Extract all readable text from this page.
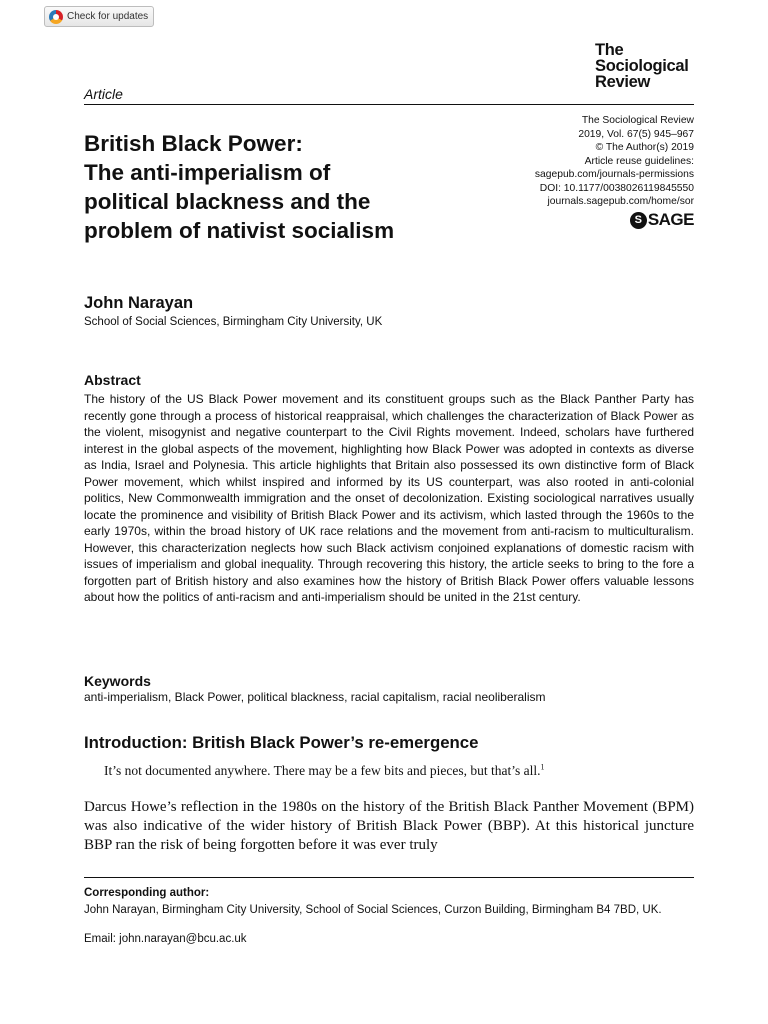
Check for updates
The
Sociological
Review
Article
The Sociological Review
2019, Vol. 67(5) 945–967
© The Author(s) 2019
Article reuse guidelines:
sagepub.com/journals-permissions
DOI: 10.1177/0038026119845550
journals.sagepub.com/home/sor
S SAGE
British Black Power:
The anti-imperialism of
political blackness and the
problem of nativist socialism
John Narayan
School of Social Sciences, Birmingham City University, UK
Abstract

The history of the US Black Power movement and its constituent groups such as the Black Panther Party has recently gone through a process of historical reappraisal, which challenges the characterization of Black Power as the violent, misogynist and negative counterpart to the Civil Rights movement. Indeed, scholars have furthered interest in the global aspects of the movement, highlighting how Black Power was adopted in contexts as diverse as India, Israel and Polynesia. This article highlights that Britain also possessed its own distinctive form of Black Power movement, which whilst inspired and informed by its US counterpart, was also rooted in anti-colonial politics, New Commonwealth immigration and the onset of decolonization. Existing sociological narratives usually locate the prominence and visibility of British Black Power and its activism, which lasted through the 1960s to the early 1970s, within the broad history of UK race relations and the movement from anti-racism to multiculturalism. However, this characterization neglects how such Black activism conjoined explanations of domestic racism with issues of imperialism and global inequality. Through recovering this history, the article seeks to bring to the fore a forgotten part of British history and also examines how the history of British Black Power offers valuable lessons about how the politics of anti-racism and anti-imperialism should be united in the 21st century.

Keywords
anti-imperialism, Black Power, political blackness, racial capitalism, racial neoliberalism
Introduction: British Black Power’s re-emergence
It’s not documented anywhere. There may be a few bits and pieces, but that’s all.$^1$

Darcus Howe’s reflection in the 1980s on the history of the British Black Panther Movement (BPM) was also indicative of the wider history of British Black Power (BBP). At this historical juncture BBP ran the risk of being forgotten before it was ever truly

Corresponding author:
John Narayan, Birmingham City University, School of Social Sciences, Curzon Building, Birmingham B4 7BD, UK.
Email: john.narayan@bcu.ac.uk
